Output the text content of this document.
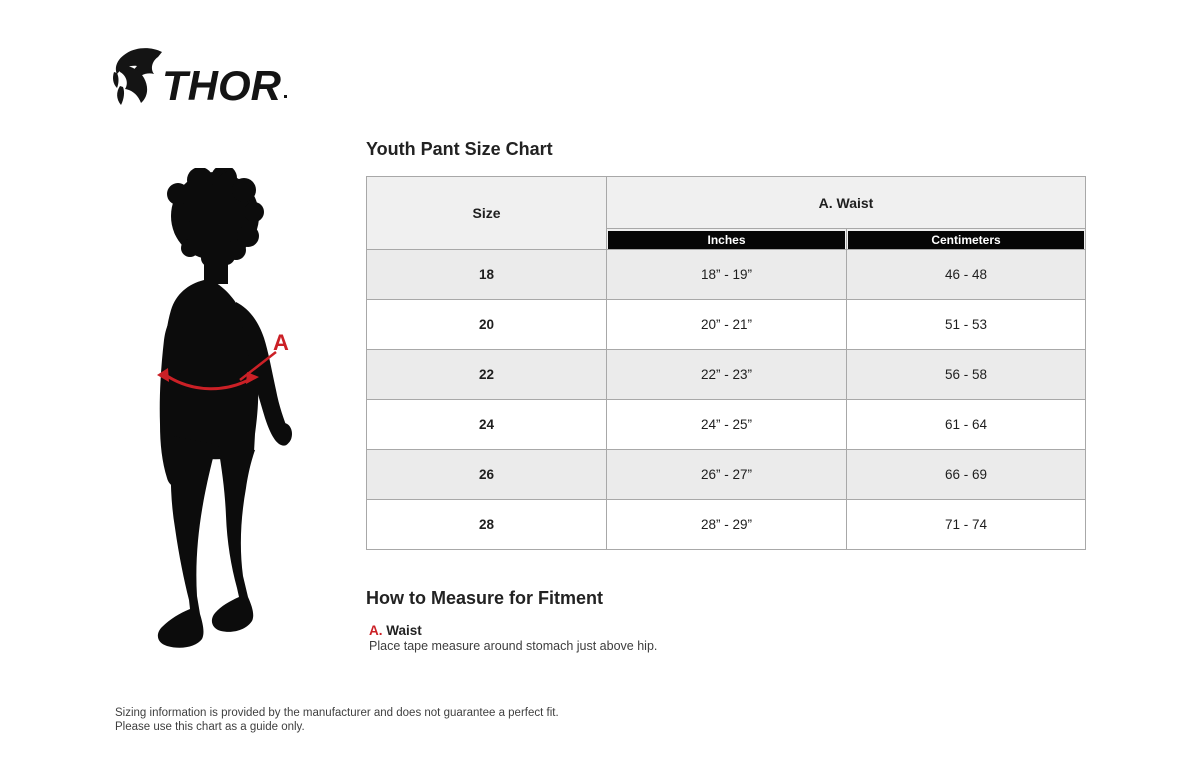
THOR
A
Youth Pant Size Chart
Size	A. Waist	

	Inches	Centimeters

18	18” - 19”	46 - 48
20	20” - 21”	51 - 53
22	22” - 23”	56 - 58
24	24” - 25”	61 - 64
26	26” - 27”	66 - 69
28	28” - 29”	71 - 74
How to Measure for Fitment
A. Waist
Place tape measure around stomach just above hip.
Sizing information is provided by the manufacturer and does not guarantee a perfect fit.
Please use this chart as a guide only.
